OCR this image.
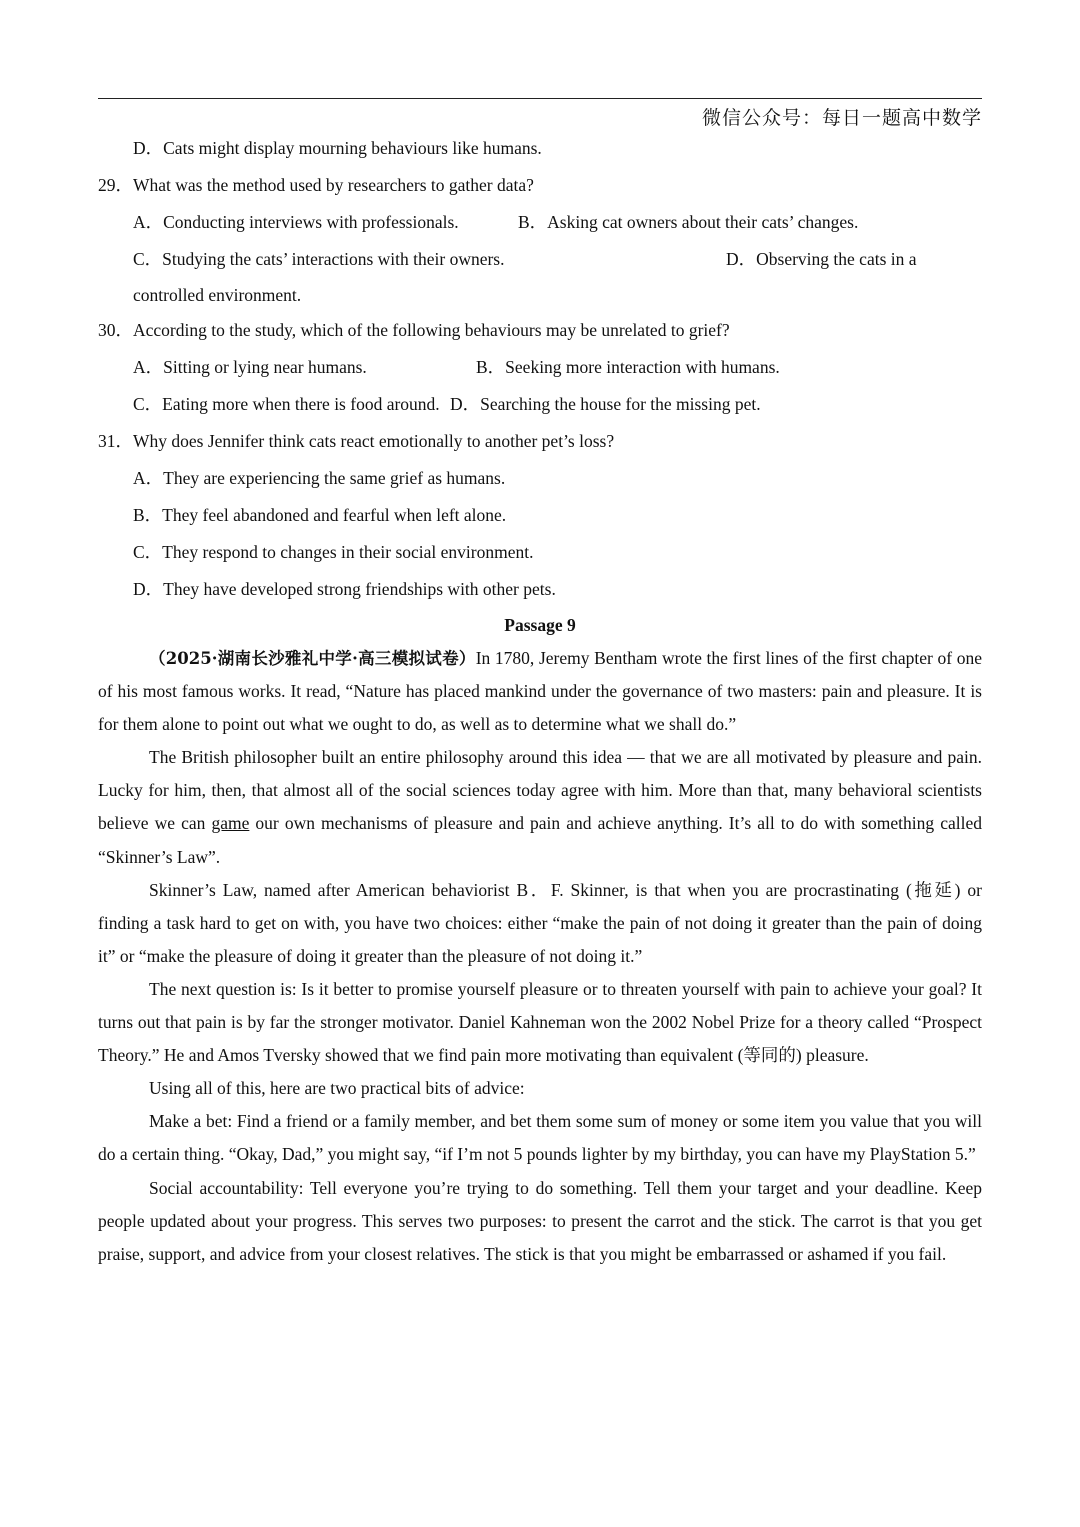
微信公众号：每日一题高中数学
D．Cats might display mourning behaviours like humans.
29．What was the method used by researchers to gather data?
A．Conducting interviews with professionals.	B．Asking cat owners about their cats’ changes.
C．Studying the cats’ interactions with their owners.	D．Observing the cats in a
controlled environment.
30．According to the study, which of the following behaviours may be unrelated to grief?
A．Sitting or lying near humans.	B．Seeking more interaction with humans.
C．Eating more when there is food around. D．Searching the house for the missing pet.
31．Why does Jennifer think cats react emotionally to another pet’s loss?
A．They are experiencing the same grief as humans.
B．They feel abandoned and fearful when left alone.
C．They respond to changes in their social environment.
D．They have developed strong friendships with other pets.
Passage 9
（2025·湖南长沙雅礼中学·高三模拟试卷）In 1780, Jeremy Bentham wrote the first lines of the first chapter of one of his most famous works. It read, “Nature has placed mankind under the governance of two masters: pain and pleasure. It is for them alone to point out what we ought to do, as well as to determine what we shall do.”
The British philosopher built an entire philosophy around this idea — that we are all motivated by pleasure and pain. Lucky for him, then, that almost all of the social sciences today agree with him. More than that, many behavioral scientists believe we can game our own mechanisms of pleasure and pain and achieve anything. It’s all to do with something called “Skinner’s Law”.
Skinner’s Law, named after American behaviorist B．F. Skinner, is that when you are procrastinating (拖延) or finding a task hard to get on with, you have two choices: either “make the pain of not doing it greater than the pain of doing it” or “make the pleasure of doing it greater than the pleasure of not doing it.”
The next question is: Is it better to promise yourself pleasure or to threaten yourself with pain to achieve your goal? It turns out that pain is by far the stronger motivator. Daniel Kahneman won the 2002 Nobel Prize for a theory called “Prospect Theory.” He and Amos Tversky showed that we find pain more motivating than equivalent (等同的) pleasure.
Using all of this, here are two practical bits of advice:
Make a bet: Find a friend or a family member, and bet them some sum of money or some item you value that you will do a certain thing. “Okay, Dad,” you might say, “if I’m not 5 pounds lighter by my birthday, you can have my PlayStation 5.”
Social accountability: Tell everyone you’re trying to do something. Tell them your target and your deadline. Keep people updated about your progress. This serves two purposes: to present the carrot and the stick. The carrot is that you get praise, support, and advice from your closest relatives. The stick is that you might be embarrassed or ashamed if you fail.
